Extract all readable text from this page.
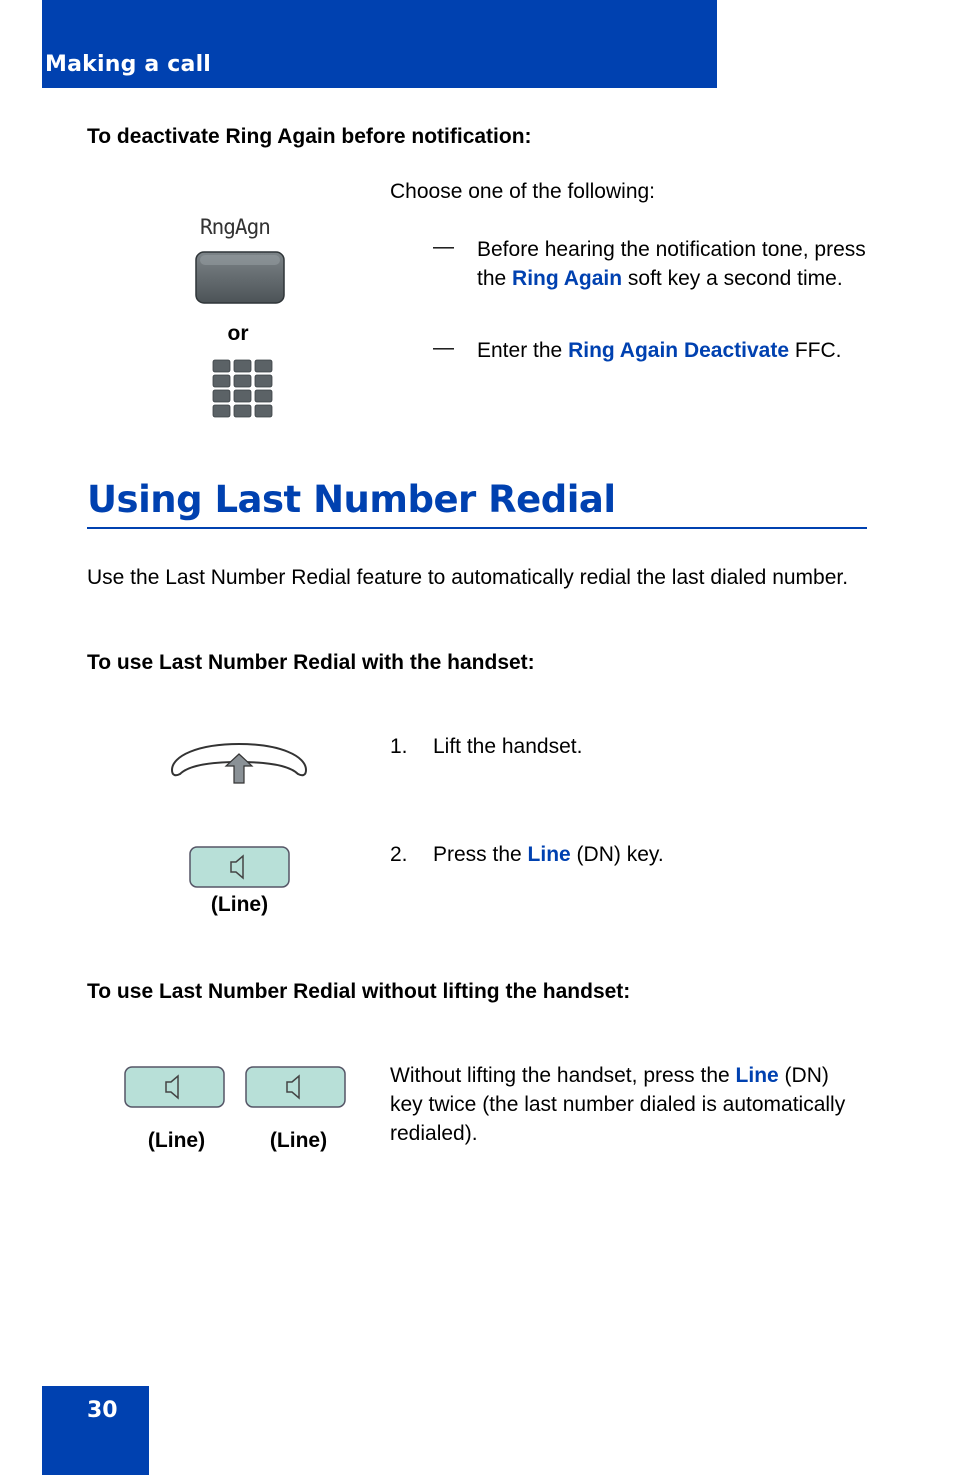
Making a call
To deactivate Ring Again before notification:
RngAgn
or
Choose one of the following:
— Before hearing the notification tone, press the Ring Again soft key a second time.
— Enter the Ring Again Deactivate FFC.
Using Last Number Redial
Use the Last Number Redial feature to automatically redial the last dialed number.
To use Last Number Redial with the handset:
1. Lift the handset.
(Line)
2. Press the Line (DN) key.
To use Last Number Redial without lifting the handset:
(Line)	(Line)
Without lifting the handset, press the Line (DN) key twice (the last number dialed is automatically redialed).
30
